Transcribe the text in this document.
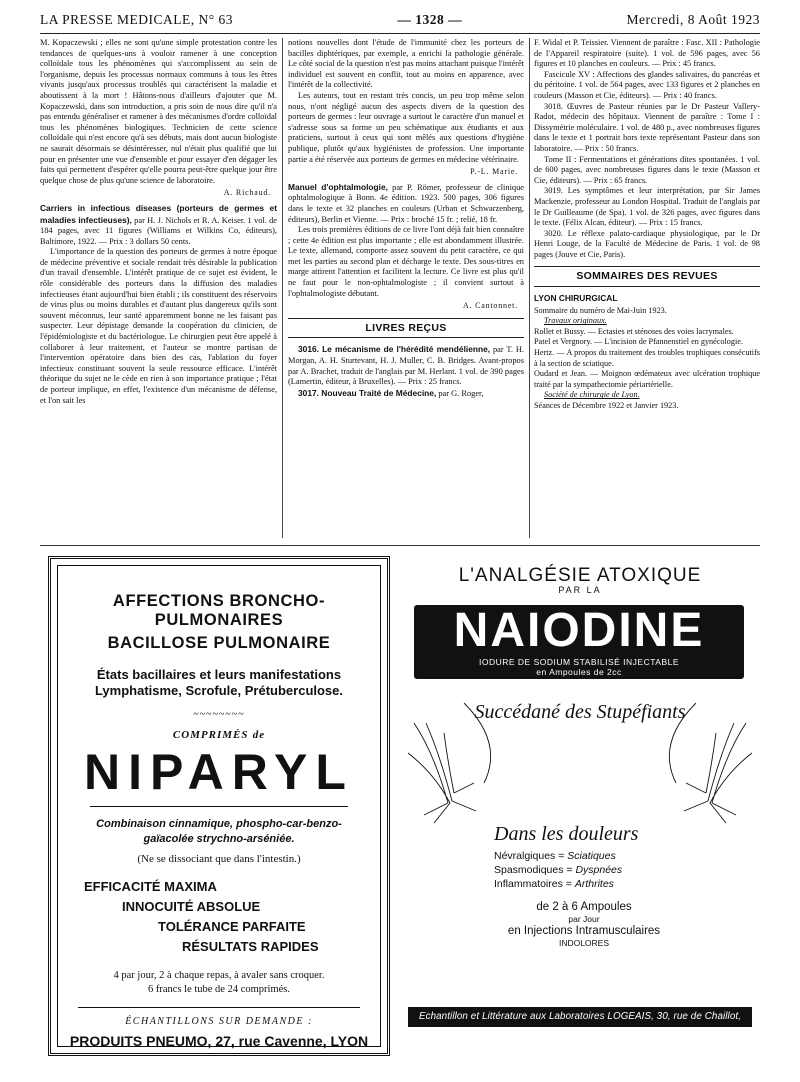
LA PRESSE MEDICALE, N° 63	— 1328 —	Mercredi, 8 Août 1923

M. Kopaczewski ; elles ne sont qu'une simple protestation contre les tendances de quelques-uns à vouloir ramener à une conception colloïdale tous les phénomènes qui s'accomplissent au sein de l'organisme, depuis les processus normaux communs à tous les êtres vivants jusqu'aux processus troublés qui caractérisent la maladie et aboutissent à la mort ! Hâtons-nous d'ailleurs d'ajouter que M. Kopaczewski, dans son introduction, a pris soin de nous dire qu'il n'a pas entendu généraliser et ramener à des mécanismes d'ordre colloïdal tous les phénomènes biologiques. Technicien de cette science colloïdale qui n'est encore qu'à ses débuts, mais dont aucun biologiste ne saurait désormais se désintéresser, nul n'était plus qualifié que lui pour en présenter une vue d'ensemble et pour essayer d'en dégager les faits qui permettent d'espérer qu'elle pourra peut-être quelque jour être quelque chose de plus qu'une science de laboratoire.

A. Richaud.

Carriers in infectious diseases (porteurs de germes et maladies infectieuses), par H. J. Nichols et R. A. Keiser. 1 vol. de 184 pages, avec 11 figures (Williams et Wilkins Co, éditeurs), Baltimore, 1922. — Prix : 3 dollars 50 cents.

L'importance de la question des porteurs de germes à notre époque de médecine préventive et sociale rendait très désirable la publication d'un travail d'ensemble. L'intérêt pratique de ce sujet est évident, le rôle considérable des porteurs dans la diffusion des maladies infectieuses étant aujourd'hui bien établi ; ils constituent des réservoirs de virus plus ou moins durables et d'autant plus dangereux qu'ils sont souvent méconnus, leur santé apparemment bonne ne les faisant pas suspecter. Leur dépistage demande la coopération du clinicien, de l'épidémiologiste et du bactériologue. Le chirurgien peut être appelé à collaborer à leur traitement, et l'auteur se montre partisan de l'intervention opératoire dans bien des cas, l'ablation du foyer infectieux constituant souvent la seule ressource efficace. L'intérêt théorique du sujet ne le cède en rien à son importance pratique ; l'état de porteur implique, en effet, l'existence d'un mécanisme de défense, et l'on sait les

notions nouvelles dont l'étude de l'immunité chez les porteurs de bacilles diphtériques, par exemple, a enrichi la pathologie générale. Le côté social de la question n'est pas moins attachant puisque l'intérêt individuel est souvent en conflit, tout au moins en apparence, avec l'intérêt de la collectivité.

Les auteurs, tout en restant très concis, un peu trop même selon nous, n'ont négligé aucun des aspects divers de la question des porteurs de germes : leur ouvrage a surtout le caractère d'un manuel et s'adresse sous sa forme un peu schématique aux étudiants et aux praticiens, surtout à ceux qui sont mêlés aux questions d'hygiène publique, plutôt qu'aux hygiénistes de profession. Une importante partie a été réservée aux porteurs de germes en médecine vétérinaire.

P.-L. Marie.

Manuel d'ophtalmologie, par P. Römer, professeur de clinique ophtalmologique à Bonn. 4e édition. 1923. 500 pages, 306 figures dans le texte et 32 planches en couleurs (Urban et Schwarzenberg, éditeurs), Berlin et Vienne. — Prix : broché 15 fr. ; relié, 18 fr.

Les trois premières éditions de ce livre l'ont déjà fait bien connaître ; cette 4e édition est plus importante ; elle est abondamment illustrée. Le texte, allemand, comporte assez souvent du petit caractère, ce qui met les parties au second plan et décharge le texte. Des sous-titres en marge attirent l'attention et facilitent la lecture. Ce livre est plus qu'il ne faut pour le non-ophtalmologiste ; il convient surtout à l'ophtalmologiste débutant.

A. Cantonnet.
LIVRES REÇUS

3016. Le mécanisme de l'hérédité mendélienne, par T. H. Morgan, A. H. Sturtevant, H. J. Muller, C. B. Bridges. Avant-propos par A. Brachet, traduit de l'anglais par M. Herlant. 1 vol. de 390 pages (Lamertin, éditeur, à Bruxelles). — Prix : 25 francs.

3017. Nouveau Traité de Médecine, par G. Roger,

F. Widal et P. Teissier. Viennent de paraître : Fasc. XII : Pathologie de l'Appareil respiratoire (suite). 1 vol. de 596 pages, avec 56 figures et 10 planches en couleurs. — Prix : 45 francs.

Fascicule XV : Affections des glandes salivaires, du pancréas et du péritoine. 1 vol. de 564 pages, avec 133 figures et 2 planches en couleurs (Masson et Cie, éditeurs). — Prix : 40 francs.

3018. Œuvres de Pasteur réunies par le Dr Pasteur Vallery-Radot, médecin des hôpitaux. Viennent de paraître : Tome I : Dissymétrie moléculaire. 1 vol. de 480 p., avec nombreuses figures dans le texte et 1 portrait hors texte représentant Pasteur dans son laboratoire. — Prix : 50 francs.

Tome II : Fermentations et générations dites spontanées. 1 vol. de 600 pages, avec nombreuses figures dans le texte (Masson et Cie, éditeurs). — Prix : 65 francs.

3019. Les symptômes et leur interprétation, par Sir James Mackenzie, professeur au London Hospital. Traduit de l'anglais par le Dr Guilleaume (de Spa). 1 vol. de 326 pages, avec figures dans le texte. (Félix Alcan, éditeur). — Prix : 15 francs.

3020. Le réflexe palato-cardiaque physiologique, par le Dr Henri Louge, de la Faculté de Médecine de Paris. 1 vol. de 98 pages (Jouve et Cie, Paris).

SOMMAIRES DES REVUES
LYON CHIRURGICAL

Sommaire du numéro de Mai-Juin 1923.

Travaux originaux.

Rollet et Bussy. — Ectasies et sténoses des voies lacrymales.

Patel et Vergnory. — L'incision de Pfannenstiel en gynécologie.

Hertz. — A propos du traitement des troubles trophiques consécutifs à la section de sciatique.

Oudard et Jean. — Moignon œdémateux avec ulcération trophique traité par la sympathectomie périartérielle.

Société de chirurgie de Lyon.

Séances de Décembre 1922 et Janvier 1923.

AFFECTIONS BRONCHO-PULMONAIRES
BACILLOSE PULMONAIRE
États bacillaires et leurs manifestations
Lymphatisme, Scrofule, Prétuberculose.
~~~~~~~~
COMPRIMÉS de
NIPARYL
Combinaison cinnamique, phospho-car-benzo-
gaïacolée strychno-arséniée.
(Ne se dissociant que dans l'intestin.)
EFFICACITÉ MAXIMA
INNOCUITÉ ABSOLUE
TOLÉRANCE PARFAITE
RÉSULTATS RAPIDES
4 par jour, 2 à chaque repas, à avaler sans croquer.
6 francs le tube de 24 comprimés.
ÉCHANTILLONS SUR DEMANDE :
PRODUITS PNEUMO, 27, rue Cavenne, LYON
L'ANALGÉSIE ATOXIQUE
PAR LA
NAIODINE
IODURE DE SODIUM STABILISÉ INJECTABLE
en Ampoules de 2cc
Succédané des Stupéfiants
Dans les douleurs
Névralgiques = Sciatiques
Spasmodiques = Dyspnées
Inflammatoires = Arthrites
de 2 à 6 Ampoules
par Jour
en Injections Intramusculaires
INDOLORES
Echantillon et Littérature aux Laboratoires LOGEAIS, 30, rue de Chaillot, PARIS 16e
